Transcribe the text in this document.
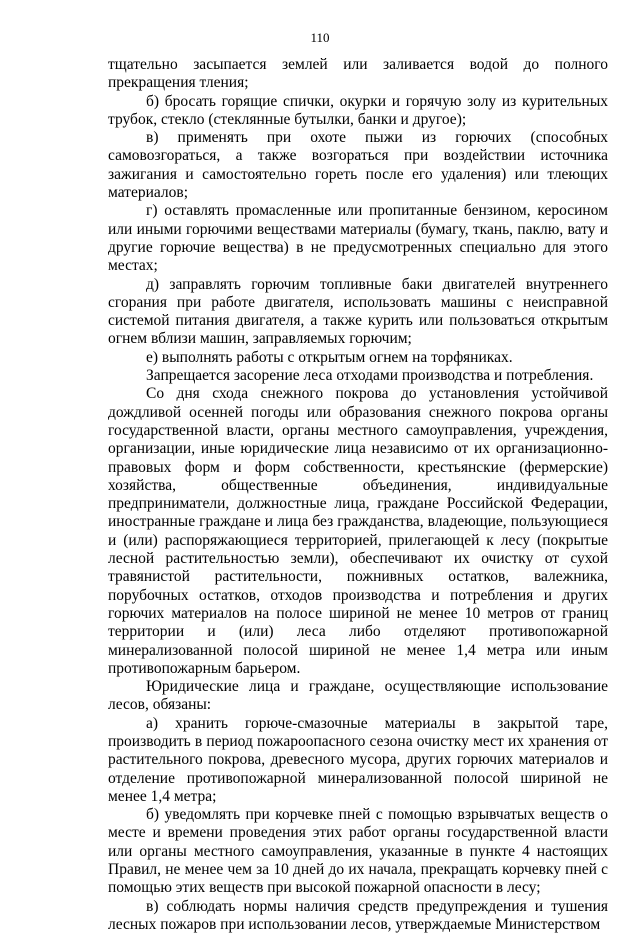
110

тщательно засыпается землей или заливается водой до полного прекращения тления;

б) бросать горящие спички, окурки и горячую золу из курительных трубок, стекло (стеклянные бутылки, банки и другое);

в) применять при охоте пыжи из горючих (способных самовозгораться, а также возгораться при воздействии источника зажигания и самостоятельно гореть после его удаления) или тлеющих материалов;

г) оставлять промасленные или пропитанные бензином, керосином или иными горючими веществами материалы (бумагу, ткань, паклю, вату и другие горючие вещества) в не предусмотренных специально для этого местах;

д) заправлять горючим топливные баки двигателей внутреннего сгорания при работе двигателя, использовать машины с неисправной системой питания двигателя, а также курить или пользоваться открытым огнем вблизи машин, заправляемых горючим;

е) выполнять работы с открытым огнем на торфяниках.

Запрещается засорение леса отходами производства и потребления.

Со дня схода снежного покрова до установления устойчивой дождливой осенней погоды или образования снежного покрова органы государственной власти, органы местного самоуправления, учреждения, организации, иные юридические лица независимо от их организационно-правовых форм и форм собственности, крестьянские (фермерские) хозяйства, общественные объединения, индивидуальные предприниматели, должностные лица, граждане Российской Федерации, иностранные граждане и лица без гражданства, владеющие, пользующиеся и (или) распоряжающиеся территорией, прилегающей к лесу (покрытые лесной растительностью земли), обеспечивают их очистку от сухой травянистой растительности, пожнивных остатков, валежника, порубочных остатков, отходов производства и потребления и других горючих материалов на полосе шириной не менее 10 метров от границ территории и (или) леса либо отделяют противопожарной минерализованной полосой шириной не менее 1,4 метра или иным противопожарным барьером.

Юридические лица и граждане, осуществляющие использование лесов, обязаны:

а) хранить горюче-смазочные материалы в закрытой таре, производить в период пожароопасного сезона очистку мест их хранения от растительного покрова, древесного мусора, других горючих материалов и отделение противопожарной минерализованной полосой шириной не менее 1,4 метра;

б) уведомлять при корчевке пней с помощью взрывчатых веществ о месте и времени проведения этих работ органы государственной власти или органы местного самоуправления, указанные в пункте 4 настоящих Правил, не менее чем за 10 дней до их начала, прекращать корчевку пней с помощью этих веществ при высокой пожарной опасности в лесу;

в) соблюдать нормы наличия средств предупреждения и тушения лесных пожаров при использовании лесов, утверждаемые Министерством
